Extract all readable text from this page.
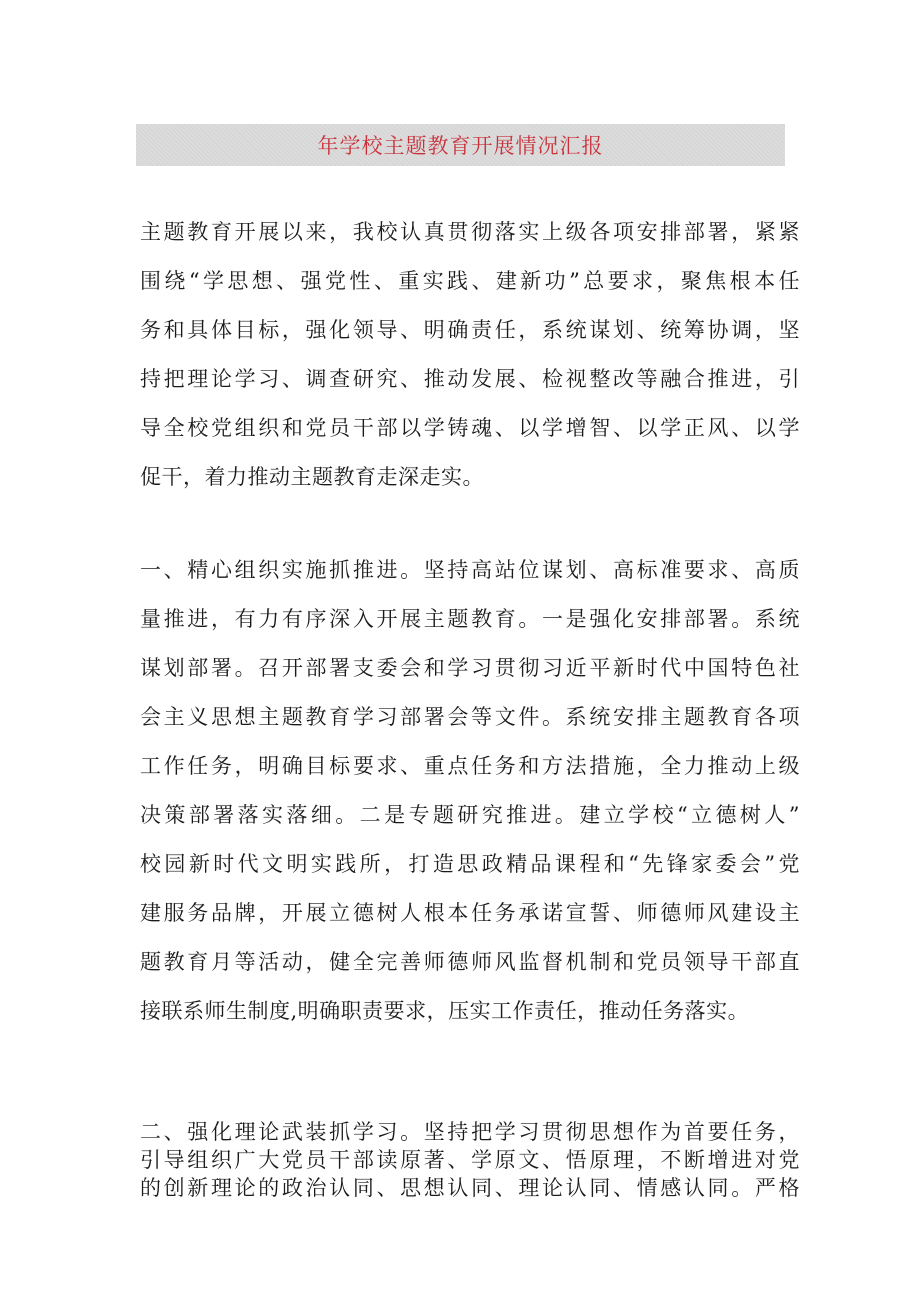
年学校主题教育开展情况汇报
主题教育开展以来，我校认真贯彻落实上级各项安排部署，紧紧
围绕“学思想、强党性、重实践、建新功”总要求，聚焦根本任
务和具体目标，强化领导、明确责任，系统谋划、统筹协调，坚
持把理论学习、调查研究、推动发展、检视整改等融合推进，引
导全校党组织和党员干部以学铸魂、以学增智、以学正风、以学
促干，着力推动主题教育走深走实。
一、精心组织实施抓推进。坚持高站位谋划、高标准要求、高质
量推进，有力有序深入开展主题教育。一是强化安排部署。系统
谋划部署。召开部署支委会和学习贯彻习近平新时代中国特色社
会主义思想主题教育学习部署会等文件。系统安排主题教育各项
工作任务，明确目标要求、重点任务和方法措施，全力推动上级
决策部署落实落细。二是专题研究推进。建立学校“立德树人”
校园新时代文明实践所，打造思政精品课程和“先锋家委会”党
建服务品牌，开展立德树人根本任务承诺宣誓、师德师风建设主
题教育月等活动，健全完善师德师风监督机制和党员领导干部直
接联系师生制度,明确职责要求，压实工作责任，推动任务落实。
二、强化理论武装抓学习。坚持把学习贯彻思想作为首要任务，
引导组织广大党员干部读原著、学原文、悟原理，不断增进对党
的创新理论的政治认同、思想认同、理论认同、情感认同。严格
